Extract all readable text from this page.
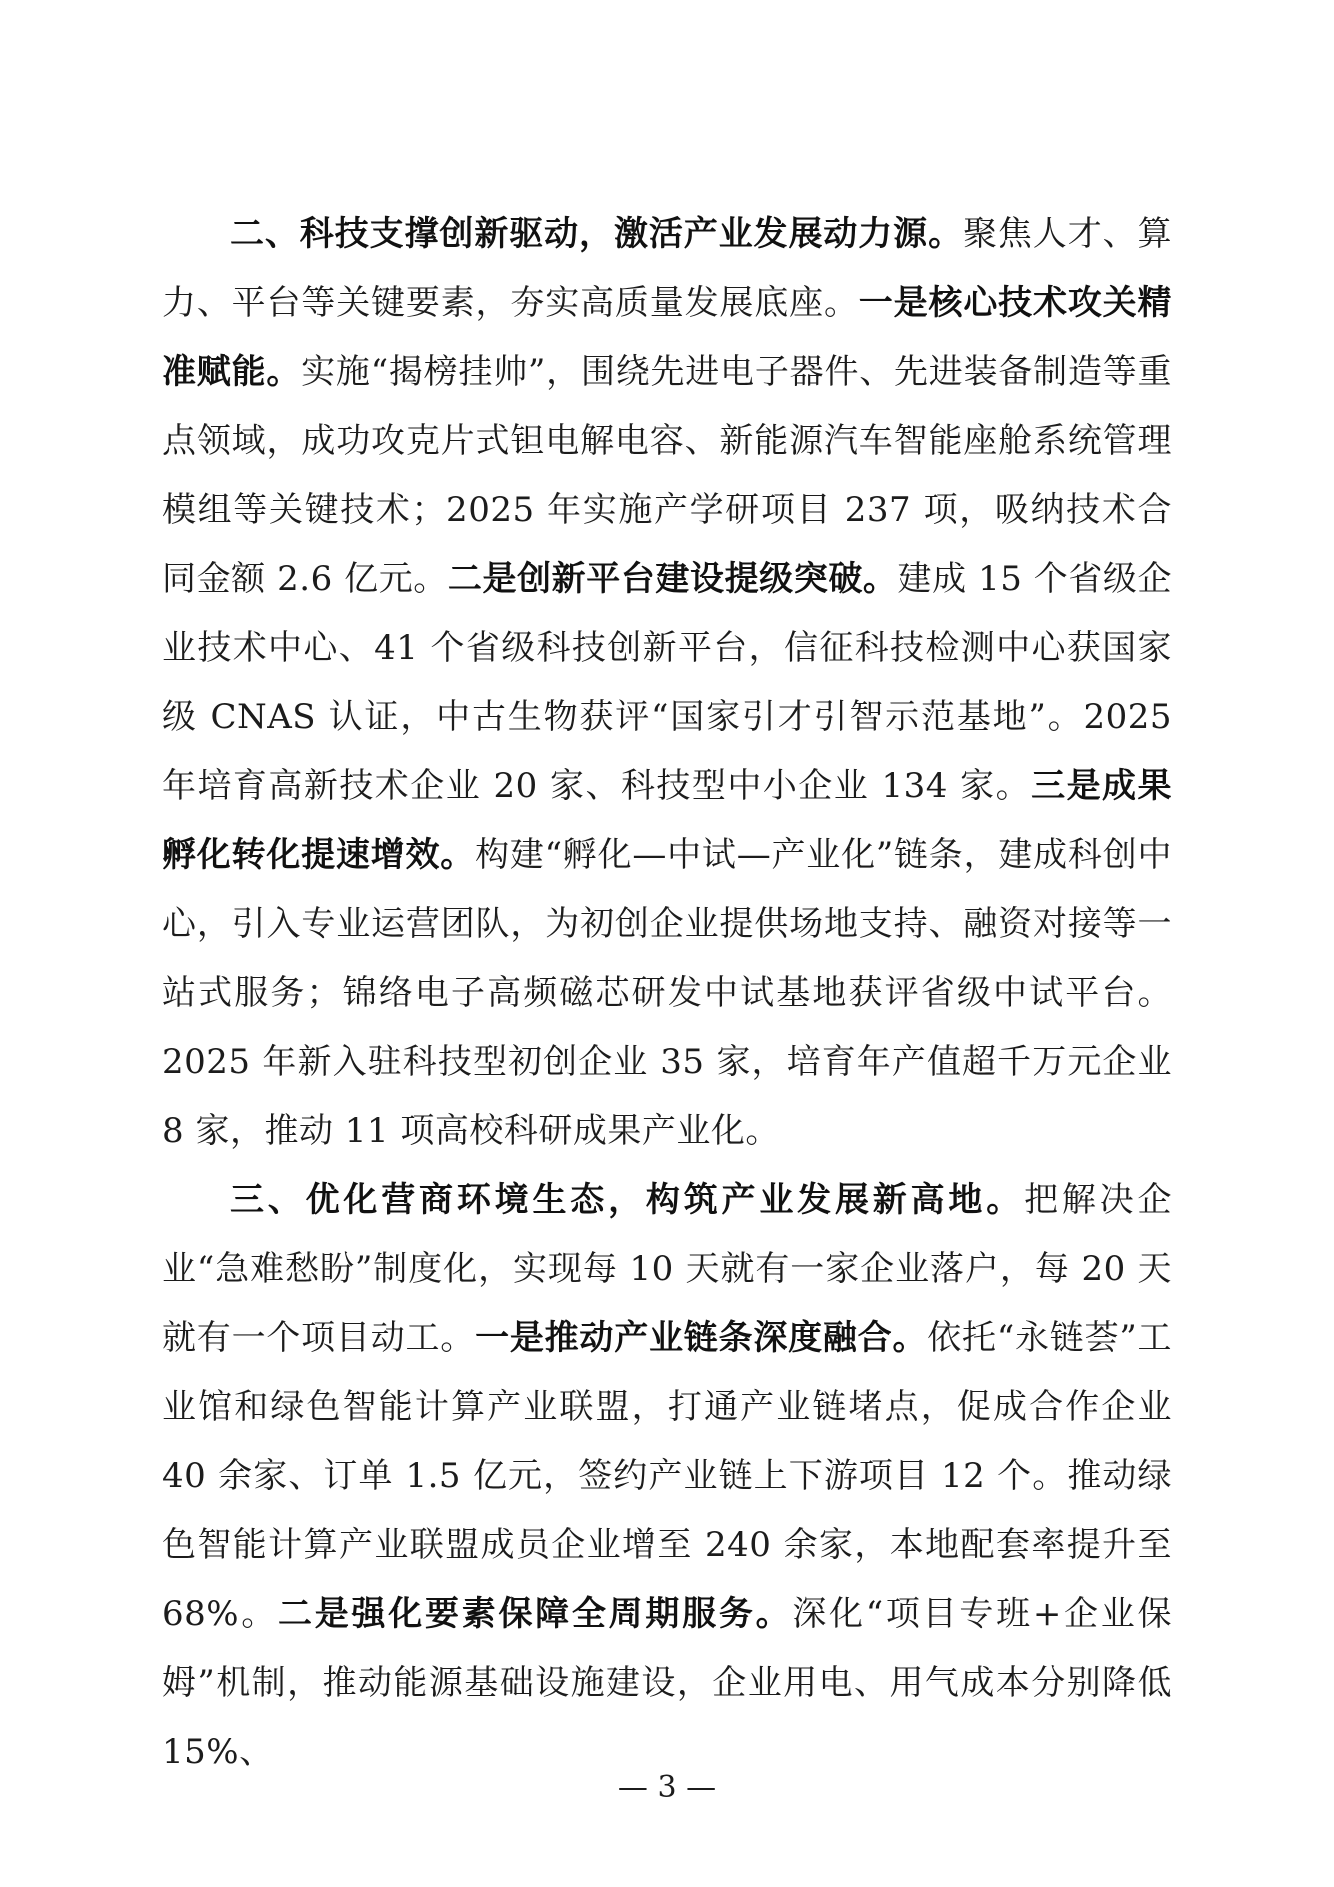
二、科技支撑创新驱动，激活产业发展动力源。聚焦人才、算力、平台等关键要素，夯实高质量发展底座。一是核心技术攻关精准赋能。实施“揭榜挂帅”，围绕先进电子器件、先进装备制造等重点领域，成功攻克片式钽电解电容、新能源汽车智能座舱系统管理模组等关键技术；2025 年实施产学研项目 237 项，吸纳技术合同金额 2.6 亿元。二是创新平台建设提级突破。建成 15 个省级企业技术中心、41 个省级科技创新平台，信征科技检测中心获国家级 CNAS 认证，中古生物获评“国家引才引智示范基地”。2025 年培育高新技术企业 20 家、科技型中小企业 134 家。三是成果孵化转化提速增效。构建“孵化—中试—产业化”链条，建成科创中心，引入专业运营团队，为初创企业提供场地支持、融资对接等一站式服务；锦络电子高频磁芯研发中试基地获评省级中试平台。2025 年新入驻科技型初创企业 35 家，培育年产值超千万元企业 8 家，推动 11 项高校科研成果产业化。

三、优化营商环境生态，构筑产业发展新高地。把解决企业“急难愁盼”制度化，实现每 10 天就有一家企业落户，每 20 天就有一个项目动工。一是推动产业链条深度融合。依托“永链荟”工业馆和绿色智能计算产业联盟，打通产业链堵点，促成合作企业 40 余家、订单 1.5 亿元，签约产业链上下游项目 12 个。推动绿色智能计算产业联盟成员企业增至 240 余家，本地配套率提升至 68%。二是强化要素保障全周期服务。深化“项目专班+企业保姆”机制，推动能源基础设施建设，企业用电、用气成本分别降低 15%、

— 3 —
